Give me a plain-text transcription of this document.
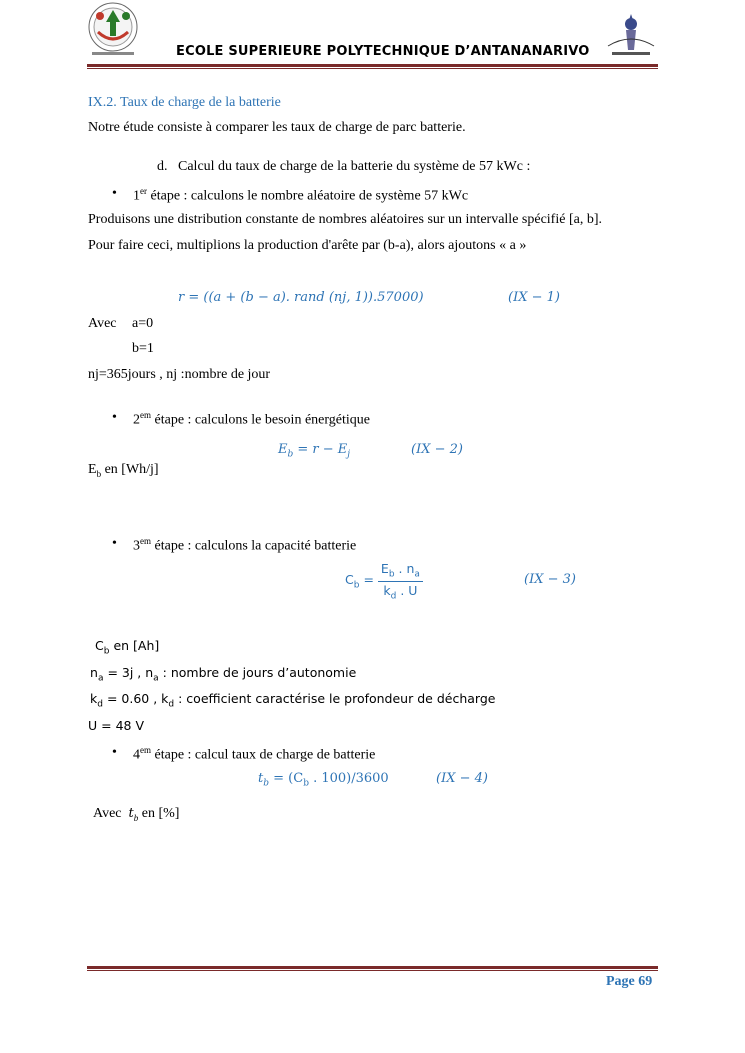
ECOLE SUPERIEURE POLYTECHNIQUE D’ANTANANARIVO
IX.2. Taux de charge de la batterie
Notre étude consiste à comparer les taux de charge de parc batterie.
d. Calcul du taux de charge de la batterie du système de 57 kWc :
• 1er étape : calculons le nombre aléatoire de système 57 kWc
Produisons une distribution constante de nombres aléatoires sur un intervalle spécifié [a, b].
Pour faire ceci, multiplions la production d'arête par (b-a), alors ajoutons « a »
r = ((a + (b − a). rand (nj, 1)).57000)	(IX − 1)
Avec a=0
b=1
nj=365jours , nj :nombre de jour
• $2^{em}$ étape : calculons le besoin énergétique
$E_b = r - E_j$	(IX − 2)
$E_b$ en [Wh/j]
• $3^{em}$ étape : calculons la capacité batterie
$C_b = \frac{E_b . n_a}{k_d . U}$	(IX − 3)
$C_b$ en [Ah]
$n_a = 3j$ , $n_a$ : nombre de jours d’autonomie
$k_d = 0.60$ , $k_d$ : coefficient caractérise le profondeur de décharge
U = 48 V
• $4^{em}$ étape : calcul taux de charge de batterie
$t_b = (C_b$ . 100)/3600	(IX − 4)
Avec $t_b$ en [%]
Page 69
